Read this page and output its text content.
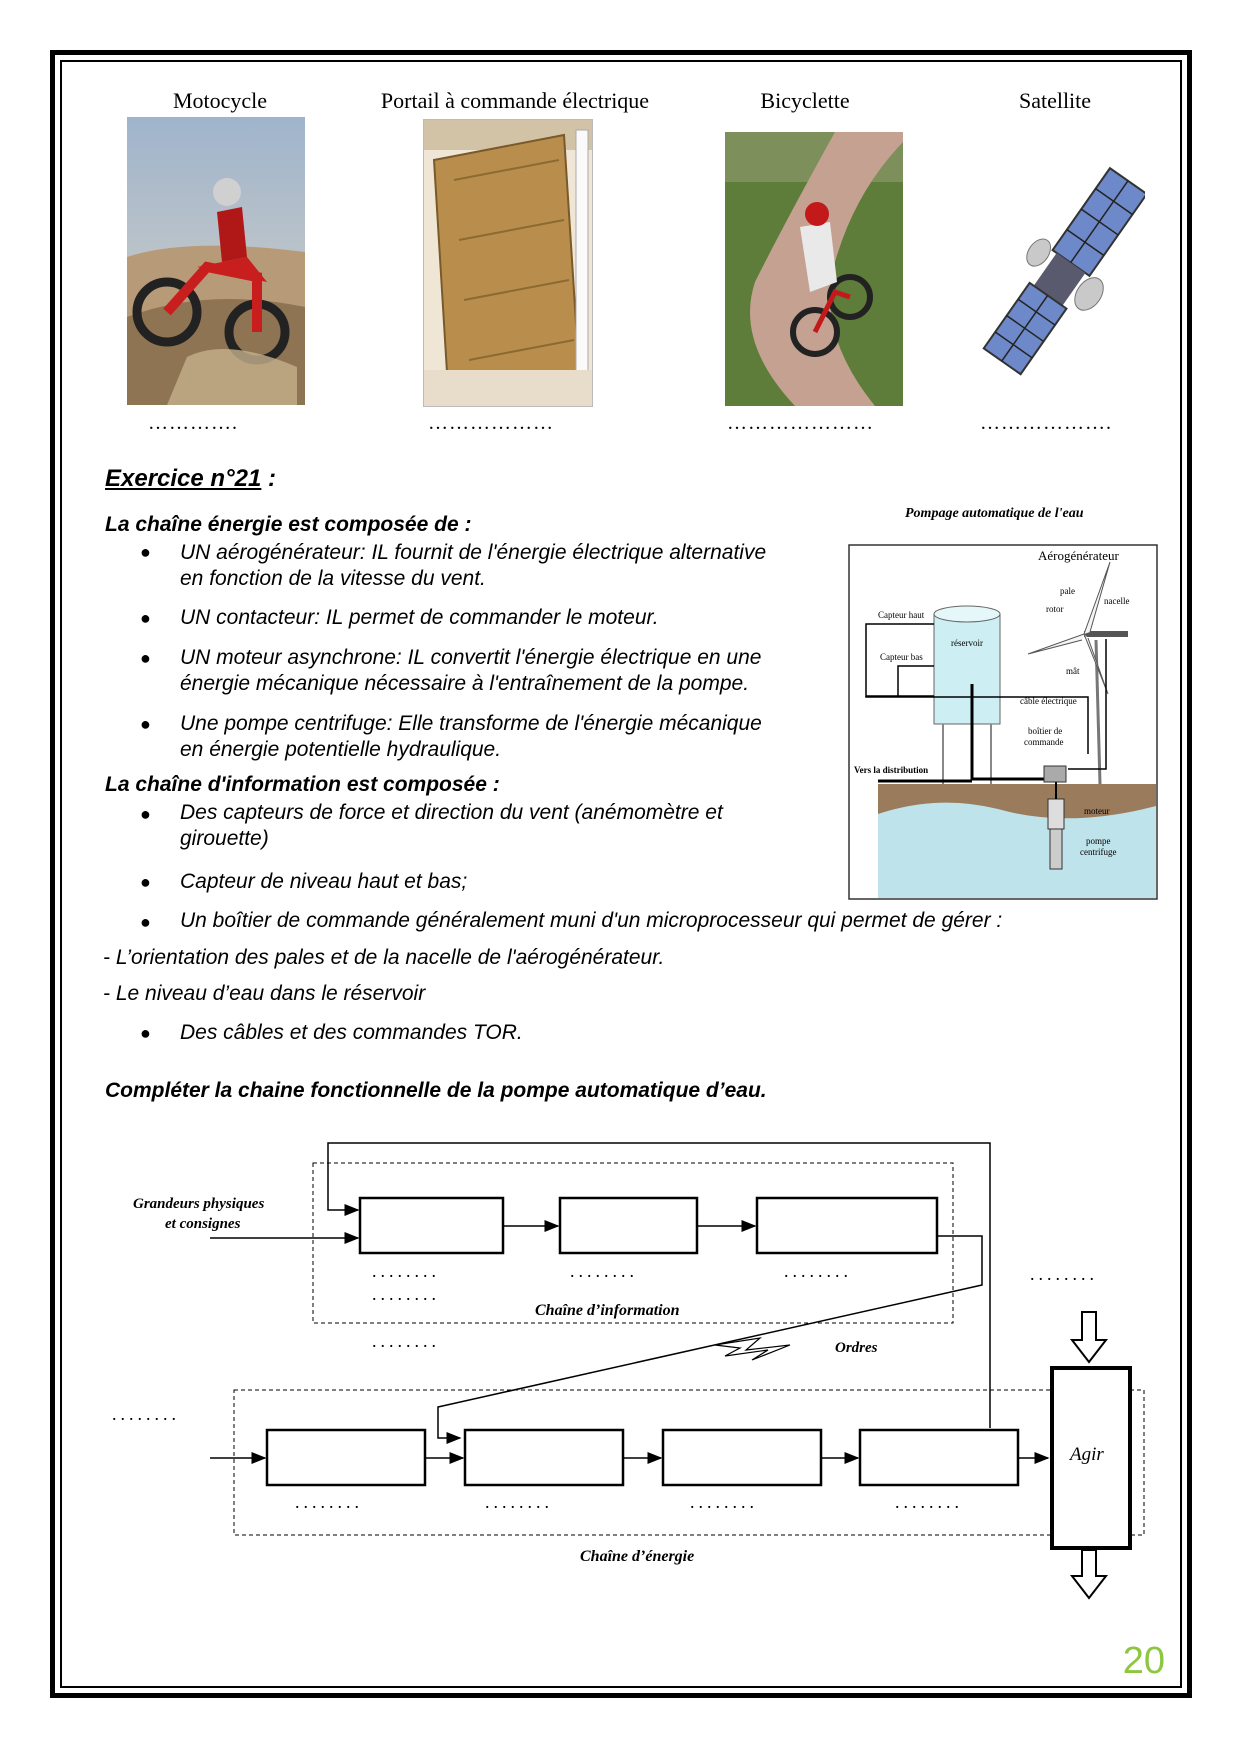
Motocycle	Portail à commande électrique	Bicyclette	Satellite
………….	………………	…………………	……………….
Exercice n°21 :
La chaîne énergie est composée de :
● UN aérogénérateur: IL fournit de l'énergie électrique alternative
en fonction de la vitesse du vent.
● UN contacteur: IL permet de commander le moteur.
● UN moteur asynchrone: IL convertit l'énergie électrique en une
énergie mécanique nécessaire à l'entraînement de la pompe.
● Une pompe centrifuge: Elle transforme de l'énergie mécanique
en énergie potentielle hydraulique.
La chaîne d'information est composée :
● Des capteurs de force et direction du vent (anémomètre et
girouette)
● Capteur de niveau haut et bas;
● Un boîtier de commande généralement muni d'un microprocesseur qui permet de gérer :
- L’orientation des pales et de la nacelle de l'aérogénérateur.
- Le niveau d’eau dans le réservoir
● Des câbles et des commandes TOR.
Compléter la chaine fonctionnelle de la pompe automatique d’eau.
Pompage automatique de l'eau
Aérogénérateur
pale
rotor
nacelle
Capteur haut
Capteur bas
réservoir
mât
câble électrique
boîtier de
commande
Vers la distribution
moteur
pompe
centrifuge
Grandeurs physiques
et consignes
Chaîne d’information
Chaîne d’énergie
Ordres
Agir
........	........	........
........
........
........
........
........	........	........	........
20
